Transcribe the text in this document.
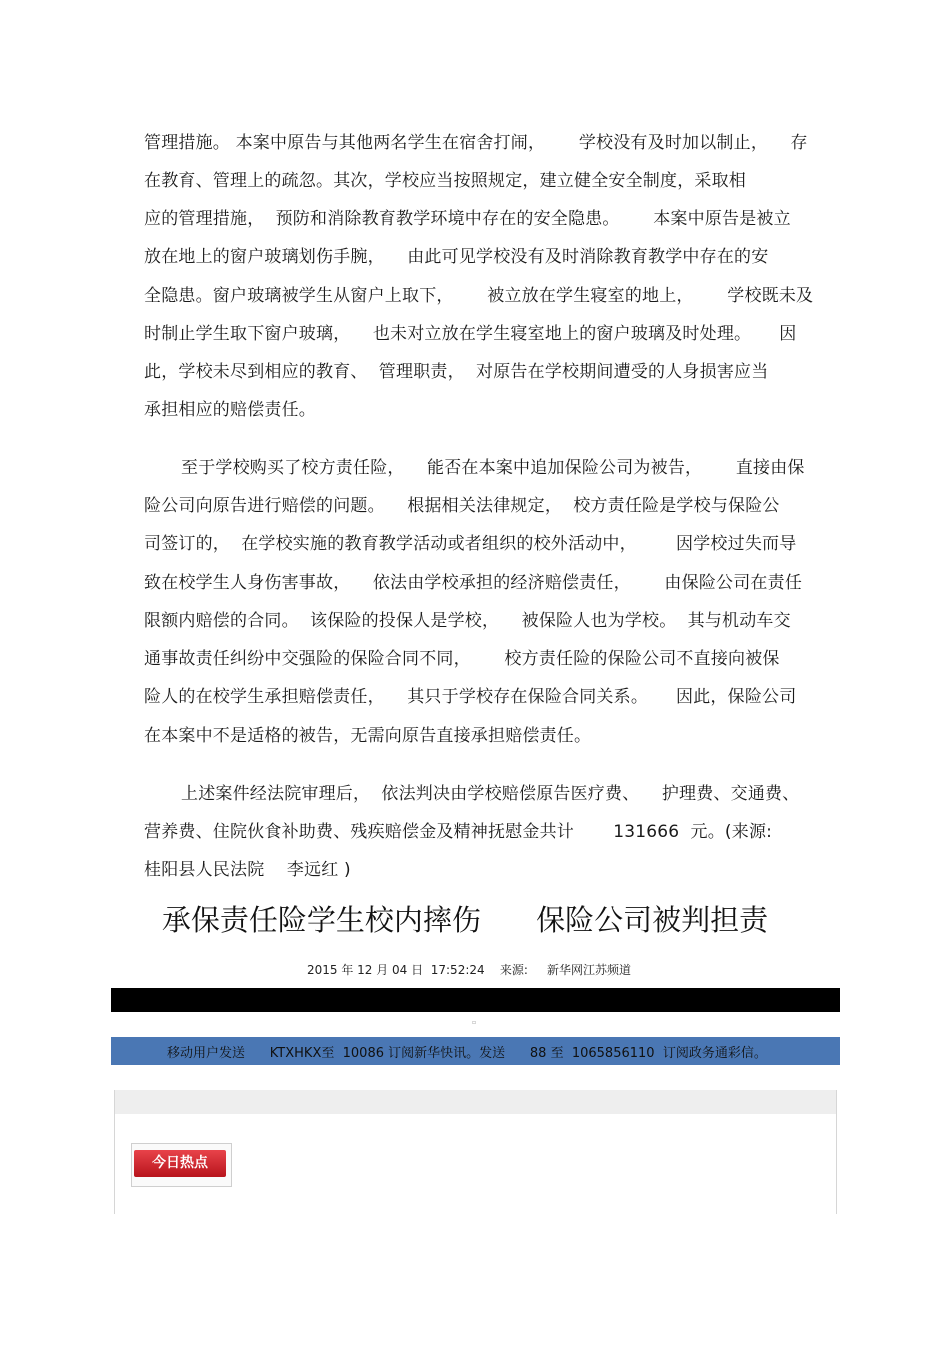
管理措施。 本案中原告与其他两名学生在宿舍打闹，      学校没有及时加以制止，    存
在教育、管理上的疏忽。其次，学校应当按照规定，建立健全安全制度，采取相
应的管理措施，  预防和消除教育教学环境中存在的安全隐患。      本案中原告是被立
放在地上的窗户玻璃划伤手腕，    由此可见学校没有及时消除教育教学中存在的安
全隐患。窗户玻璃被学生从窗户上取下，      被立放在学生寝室的地上，      学校既未及
时制止学生取下窗户玻璃，    也未对立放在学生寝室地上的窗户玻璃及时处理。     因
此，学校未尽到相应的教育、  管理职责，  对原告在学校期间遭受的人身损害应当
承担相应的赔偿责任。
至于学校购买了校方责任险，    能否在本案中追加保险公司为被告，      直接由保
险公司向原告进行赔偿的问题。    根据相关法律规定，  校方责任险是学校与保险公
司签订的，  在学校实施的教育教学活动或者组织的校外活动中，       因学校过失而导
致在校学生人身伤害事故，    依法由学校承担的经济赔偿责任，      由保险公司在责任
限额内赔偿的合同。  该保险的投保人是学校，    被保险人也为学校。  其与机动车交
通事故责任纠纷中交强险的保险合同不同，      校方责任险的保险公司不直接向被保
险人的在校学生承担赔偿责任，    其只于学校存在保险合同关系。     因此，保险公司
在本案中不是适格的被告，无需向原告直接承担赔偿责任。
上述案件经法院审理后，  依法判决由学校赔偿原告医疗费、    护理费、交通费、
营养费、住院伙食补助费、残疾赔偿金及精神抚慰金共计       131666  元。(来源:
桂阳县人民法院    李远红 )
承保责任险学生校内摔伤      保险公司被判担责
2015 年 12 月 04 日  17:52:24    来源:     新华网江苏频道
▫
移动用户发送      KTXHKX至  10086 订阅新华快讯。发送      88 至  1065856110  订阅政务通彩信。
今日热点
